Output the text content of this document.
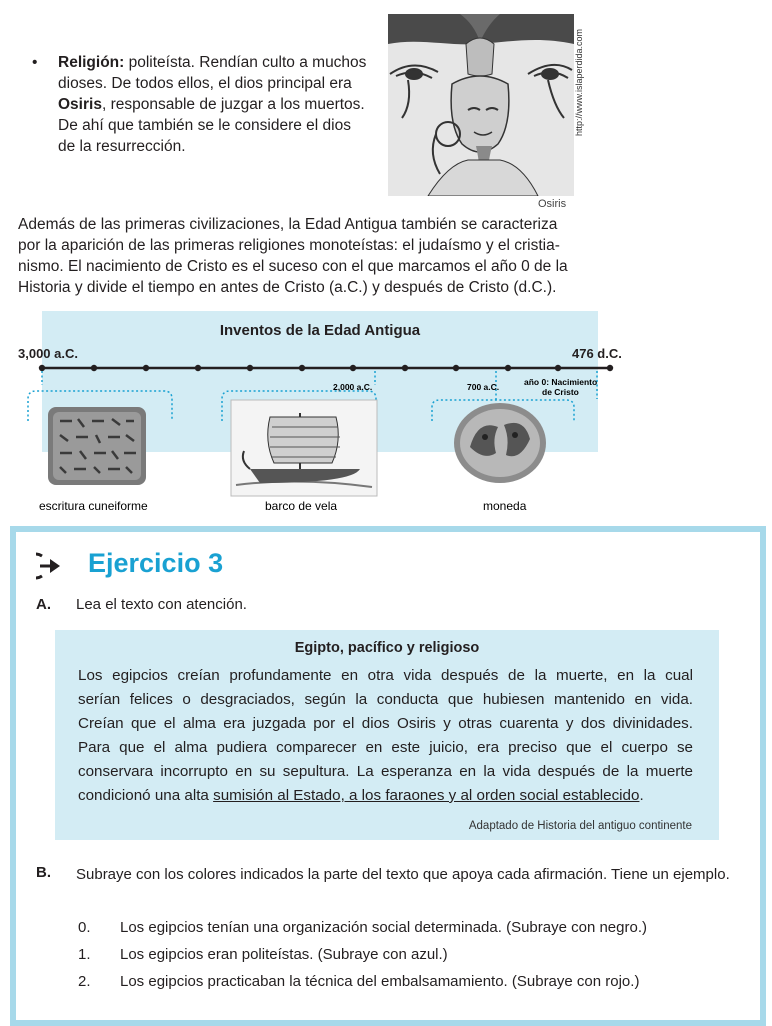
• Religión: politeísta. Rendían culto a muchos dioses. De todos ellos, el dios principal era Osiris, responsable de juzgar a los muertos. De ahí que también se le considere el dios de la resurrección.
http://www.islaperdida.com
Osiris
Además de las primeras civilizaciones, la Edad Antigua también se caracteriza
por la aparición de las primeras religiones monoteístas: el judaísmo y el cristia-
nismo. El nacimiento de Cristo es el suceso con el que marcamos el año 0 de la
Historia y divide el tiempo en antes de Cristo (a.C.) y después de Cristo (d.C.).
Inventos de la Edad Antigua
3,000 a.C.	476 d.C.
2,000 a.C.	700 a.C.	año 0: Nacimiento
de Cristo
escritura cuneiforme	barco de vela	moneda
Ejercicio 3
A. Lea el texto con atención.
Egipto, pacífico y religioso
Los egipcios creían profundamente en otra vida después de la muerte, en la cual
serían felices o desgraciados, según la conducta que hubiesen mantenido en vida.
Creían que el alma era juzgada por el dios Osiris y otras cuarenta y dos divinidades.
Para que el alma pudiera comparecer en este juicio, era preciso que el cuerpo se
conservara incorrupto en su sepultura. La esperanza en la vida después de la muerte
condicionó una alta sumisión al Estado, a los faraones y al orden social establecido.
Adaptado de Historia del antiguo continente
B. Subraye con los colores indicados la parte del texto que apoya cada afirmación. Tiene un ejemplo.
0. Los egipcios tenían una organización social determinada. (Subraye con negro.)
1. Los egipcios eran politeístas. (Subraye con azul.)
2. Los egipcios practicaban la técnica del embalsamamiento. (Subraye con rojo.)
